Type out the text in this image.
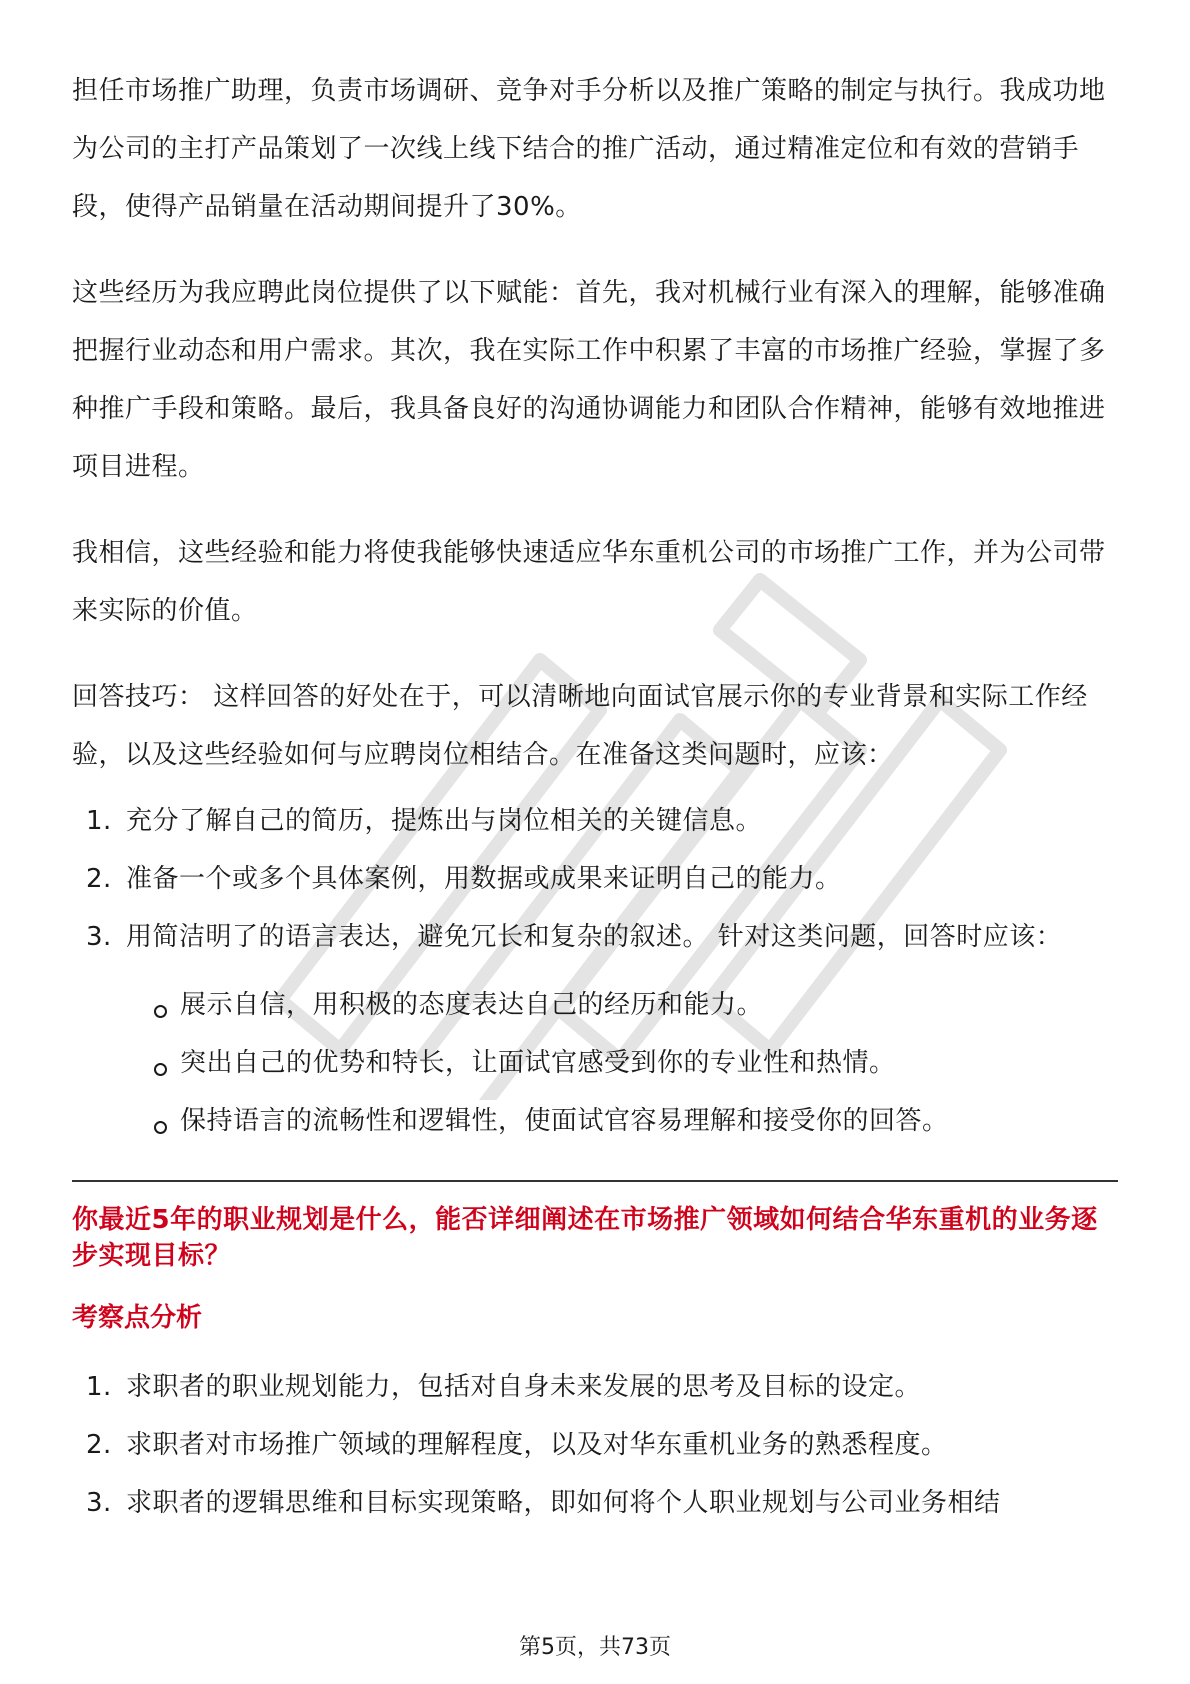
担任市场推广助理，负责市场调研、竞争对手分析以及推广策略的制定与执行。我成功地为公司的主打产品策划了一次线上线下结合的推广活动，通过精准定位和有效的营销手段，使得产品销量在活动期间提升了30%。

这些经历为我应聘此岗位提供了以下赋能：首先，我对机械行业有深入的理解，能够准确把握行业动态和用户需求。其次，我在实际工作中积累了丰富的市场推广经验，掌握了多种推广手段和策略。最后，我具备良好的沟通协调能力和团队合作精神，能够有效地推进项目进程。

我相信，这些经验和能力将使我能够快速适应华东重机公司的市场推广工作，并为公司带来实际的价值。

回答技巧： 这样回答的好处在于，可以清晰地向面试官展示你的专业背景和实际工作经验，以及这些经验如何与应聘岗位相结合。在准备这类问题时，应该：

1. 充分了解自己的简历，提炼出与岗位相关的关键信息。
2. 准备一个或多个具体案例，用数据或成果来证明自己的能力。
3. 用简洁明了的语言表达，避免冗长和复杂的叙述。 针对这类问题，回答时应该：
展示自信，用积极的态度表达自己的经历和能力。
突出自己的优势和特长，让面试官感受到你的专业性和热情。
保持语言的流畅性和逻辑性，使面试官容易理解和接受你的回答。
你最近5年的职业规划是什么，能否详细阐述在市场推广领域如何结合华东重机的业务逐步实现目标？
考察点分析
1. 求职者的职业规划能力，包括对自身未来发展的思考及目标的设定。
2. 求职者对市场推广领域的理解程度，以及对华东重机业务的熟悉程度。
3. 求职者的逻辑思维和目标实现策略，即如何将个人职业规划与公司业务相结
第5页，共73页
